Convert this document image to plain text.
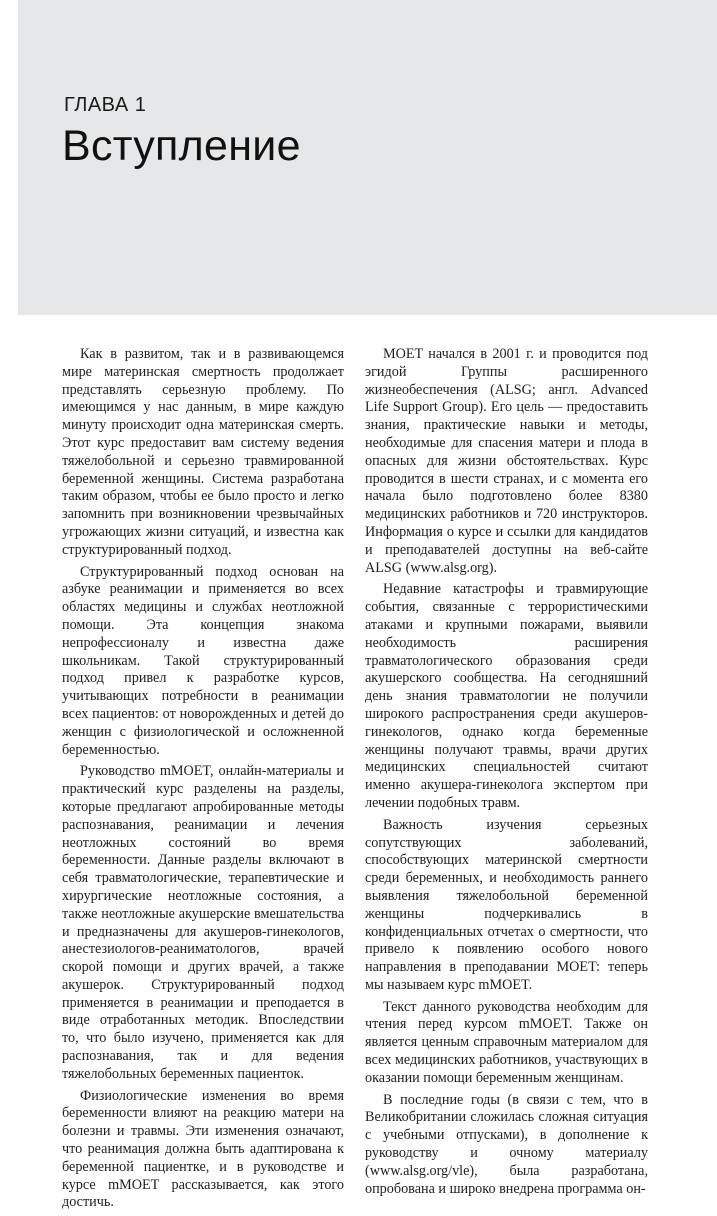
ГЛАВА 1
Вступление

Как в развитом, так и в развивающемся мире материнская смертность продолжает представлять серьезную проблему. По имеющимся у нас данным, в мире каждую минуту происходит одна материнская смерть. Этот курс предоставит вам систему ведения тяжелобольной и серьезно травмированной беременной женщины. Система разработана таким образом, чтобы ее было просто и легко запомнить при возникновении чрезвычайных угрожающих жизни ситуаций, и известна как структурированный подход.

Структурированный подход основан на азбуке реанимации и применяется во всех областях медицины и службах неотложной помощи. Эта концепция знакома непрофессионалу и известна даже школьникам. Такой структурированный подход привел к разработке курсов, учитывающих потребности в реанимации всех пациентов: от новорожденных и детей до женщин с физиологической и осложненной беременностью.

Руководство mMOET, онлайн-материалы и практический курс разделены на разделы, которые предлагают апробированные методы распознавания, реанимации и лечения неотложных состояний во время беременности. Данные разделы включают в себя травматологические, терапевтические и хирургические неотложные состояния, а также неотложные акушерские вмешательства и предназначены для акушеров-гинекологов, анестезиологов-реаниматологов, врачей скорой помощи и других врачей, а также акушерок. Структурированный подход применяется в реанимации и преподается в виде отработанных методик. Впоследствии то, что было изучено, применяется как для распознавания, так и для ведения тяжелобольных беременных пациенток.

Физиологические изменения во время беременности влияют на реакцию матери на болезни и травмы. Эти изменения означают, что реанимация должна быть адаптирована к беременной пациентке, и в руководстве и курсе mMOET рассказывается, как этого достичь.

MOET начался в 2001 г. и проводится под эгидой Группы расширенного жизнеобеспечения (ALSG; англ. Advanced Life Support Group). Его цель — предоставить знания, практические навыки и методы, необходимые для спасения матери и плода в опасных для жизни обстоятельствах. Курс проводится в шести странах, и с момента его начала было подготовлено более 8380 медицинских работников и 720 инструкторов. Информация о курсе и ссылки для кандидатов и преподавателей доступны на веб-сайте ALSG (www.alsg.org).

Недавние катастрофы и травмирующие события, связанные с террористическими атаками и крупными пожарами, выявили необходимость расширения травматологического образования среди акушерского сообщества. На сегодняшний день знания травматологии не получили широкого распространения среди акушеров-гинекологов, однако когда беременные женщины получают травмы, врачи других медицинских специальностей считают именно акушера-гинеколога экспертом при лечении подобных травм.

Важность изучения серьезных сопутствующих заболеваний, способствующих материнской смертности среди беременных, и необходимость раннего выявления тяжелобольной беременной женщины подчеркивались в конфиденциальных отчетах о смертности, что привело к появлению особого нового направления в преподавании MOET: теперь мы называем курс mMOET.

Текст данного руководства необходим для чтения перед курсом mMOET. Также он является ценным справочным материалом для всех медицинских работников, участвующих в оказании помощи беременным женщинам.

В последние годы (в связи с тем, что в Великобритании сложилась сложная ситуация с учебными отпусками), в дополнение к руководству и очному материалу (www.alsg.org/vle), была разработана, опробована и широко внедрена программа он-
